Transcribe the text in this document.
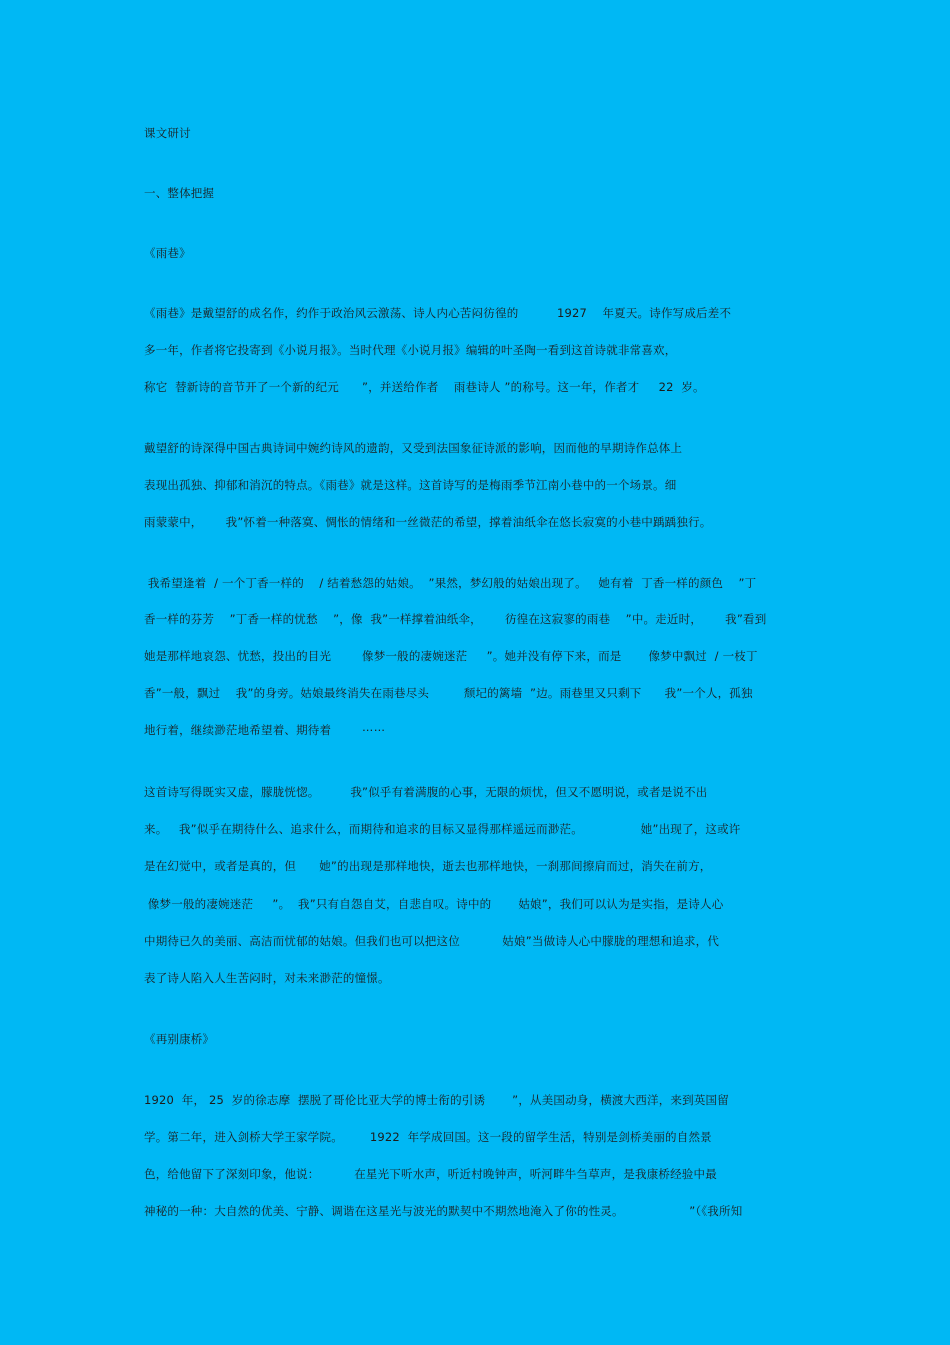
课文研讨
一、整体把握
《雨巷》
《雨巷》是戴望舒的成名作，约作于政治风云激荡、诗人内心苦闷彷徨的          1927    年夏天。诗作写成后差不
多一年，作者将它投寄到《小说月报》。当时代理《小说月报》编辑的叶圣陶一看到这首诗就非常喜欢，
称它  替新诗的音节开了一个新的纪元      ”，并送给作者    雨巷诗人 ”的称号。这一年，作者才     22  岁。
戴望舒的诗深得中国古典诗词中婉约诗风的遗韵，又受到法国象征诗派的影响，因而他的早期诗作总体上
表现出孤独、抑郁和消沉的特点。《雨巷》就是这样。这首诗写的是梅雨季节江南小巷中的一个场景。细
雨蒙蒙中，      我”怀着一种落寞、惆怅的情绪和一丝微茫的希望，撑着油纸伞在悠长寂寞的小巷中踽踽独行。
我希望逢着  / 一个丁香一样的    / 结着愁怨的姑娘。  ”果然，梦幻般的姑娘出现了。   她有着  丁香一样的颜色    ”丁
香一样的芬芳    ”丁香一样的忧愁    ”，像  我”一样撑着油纸伞，      彷徨在这寂寥的雨巷    ”中。走近时，      我”看到
她是那样地哀怨、忧愁，投出的目光        像梦一般的凄婉迷茫     ”。她并没有停下来，而是       像梦中飘过  / 一枝丁
香”一般，飘过    我”的身旁。姑娘最终消失在雨巷尽头         颓圮的篱墙  ”边。雨巷里又只剩下      我”一个人，孤独
地行着，继续渺茫地希望着、期待着        ⋯⋯
这首诗写得既实又虚，朦胧恍惚。        我”似乎有着满腹的心事，无限的烦忧，但又不愿明说，或者是说不出
来。   我”似乎在期待什么、追求什么，而期待和追求的目标又显得那样遥远而渺茫。               她”出现了，这或许
是在幻觉中，或者是真的，但      她”的出现是那样地快，逝去也那样地快，一刹那间擦肩而过，消失在前方，
像梦一般的凄婉迷茫     ”。  我”只有自怨自艾，自悲自叹。诗中的       姑娘”，我们可以认为是实指，是诗人心
中期待已久的美丽、高洁而忧郁的姑娘。但我们也可以把这位           姑娘”当做诗人心中朦胧的理想和追求，代
表了诗人陷入人生苦闷时，对未来渺茫的憧憬。
《再别康桥》
1920  年， 25  岁的徐志摩  摆脱了哥伦比亚大学的博士衔的引诱       ”，从美国动身，横渡大西洋，来到英国留
学。第二年，进入剑桥大学王家学院。       1922  年学成回国。这一段的留学生活，特别是剑桥美丽的自然景
色，给他留下了深刻印象，他说：         在星光下听水声，听近村晚钟声，听河畔牛刍草声，是我康桥经验中最
神秘的一种：大自然的优美、宁静、调谐在这星光与波光的默契中不期然地淹入了你的性灵。                 ”（《我所知
